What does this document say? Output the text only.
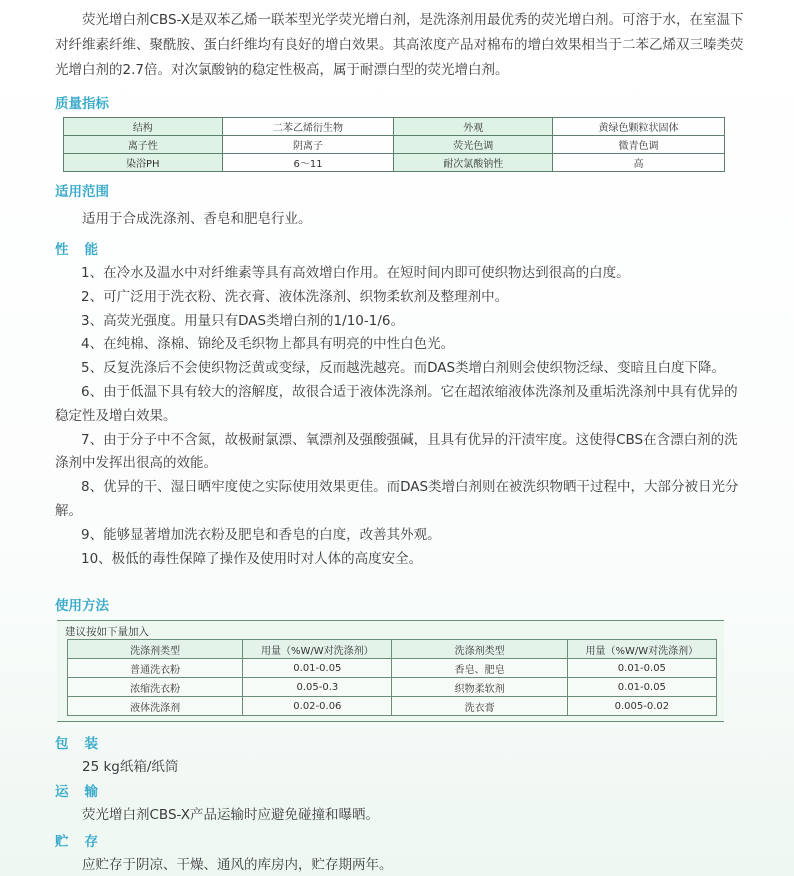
荧光增白剂CBS-X是双苯乙烯一联苯型光学荧光增白剂，是洗涤剂用最优秀的荧光增白剂。可溶于水，在室温下对纤维素纤维、聚酰胺、蛋白纤维均有良好的增白效果。其高浓度产品对棉布的增白效果相当于二苯乙烯双三嗪类荧光增白剂的2.7倍。对次氯酸钠的稳定性极高，属于耐漂白型的荧光增白剂。

质量指标

结构	二苯乙烯衍生物	外观	黄绿色颗粒状固体
离子性	阴离子	荧光色调	微青色调
染浴PH	6～11	耐次氯酸钠性	高

适用范围

适用于合成洗涤剂、香皂和肥皂行业。

性能

1、在冷水及温水中对纤维素等具有高效增白作用。在短时间内即可使织物达到很高的白度。

2、可广泛用于洗衣粉、洗衣膏、液体洗涤剂、织物柔软剂及整理剂中。

3、高荧光强度。用量只有DAS类增白剂的1/10-1/6。

4、在纯棉、涤棉、锦纶及毛织物上都具有明亮的中性白色光。

5、反复洗涤后不会使织物泛黄或变绿，反而越洗越亮。而DAS类增白剂则会使织物泛绿、变暗且白度下降。

6、由于低温下具有较大的溶解度，故很合适于液体洗涤剂。它在超浓缩液体洗涤剂及重垢洗涤剂中具有优异的稳定性及增白效果。

7、由于分子中不含氮，故极耐氯漂、氧漂剂及强酸强碱，且具有优异的汗渍牢度。这使得CBS在含漂白剂的洗涤剂中发挥出很高的效能。

8、优异的干、湿日晒牢度使之实际使用效果更佳。而DAS类增白剂则在被洗织物晒干过程中，大部分被日光分解。

9、能够显著增加洗衣粉及肥皂和香皂的白度，改善其外观。

10、极低的毒性保障了操作及使用时对人体的高度安全。

使用方法

建议按如下量加入
洗涤剂类型	用量（%W/W对洗涤剂）	洗涤剂类型	用量（%W/W对洗涤剂）
普通洗衣粉	0.01-0.05	香皂、肥皂	0.01-0.05
浓缩洗衣粉	0.05-0.3	织物柔软剂	0.01-0.05
液体洗涤剂	0.02-0.06	洗衣膏	0.005-0.02

包装

25 kg纸箱/纸筒

运输

荧光增白剂CBS-X产品运输时应避免碰撞和曝晒。

贮存

应贮存于阴凉、干燥、通风的库房内，贮存期两年。
